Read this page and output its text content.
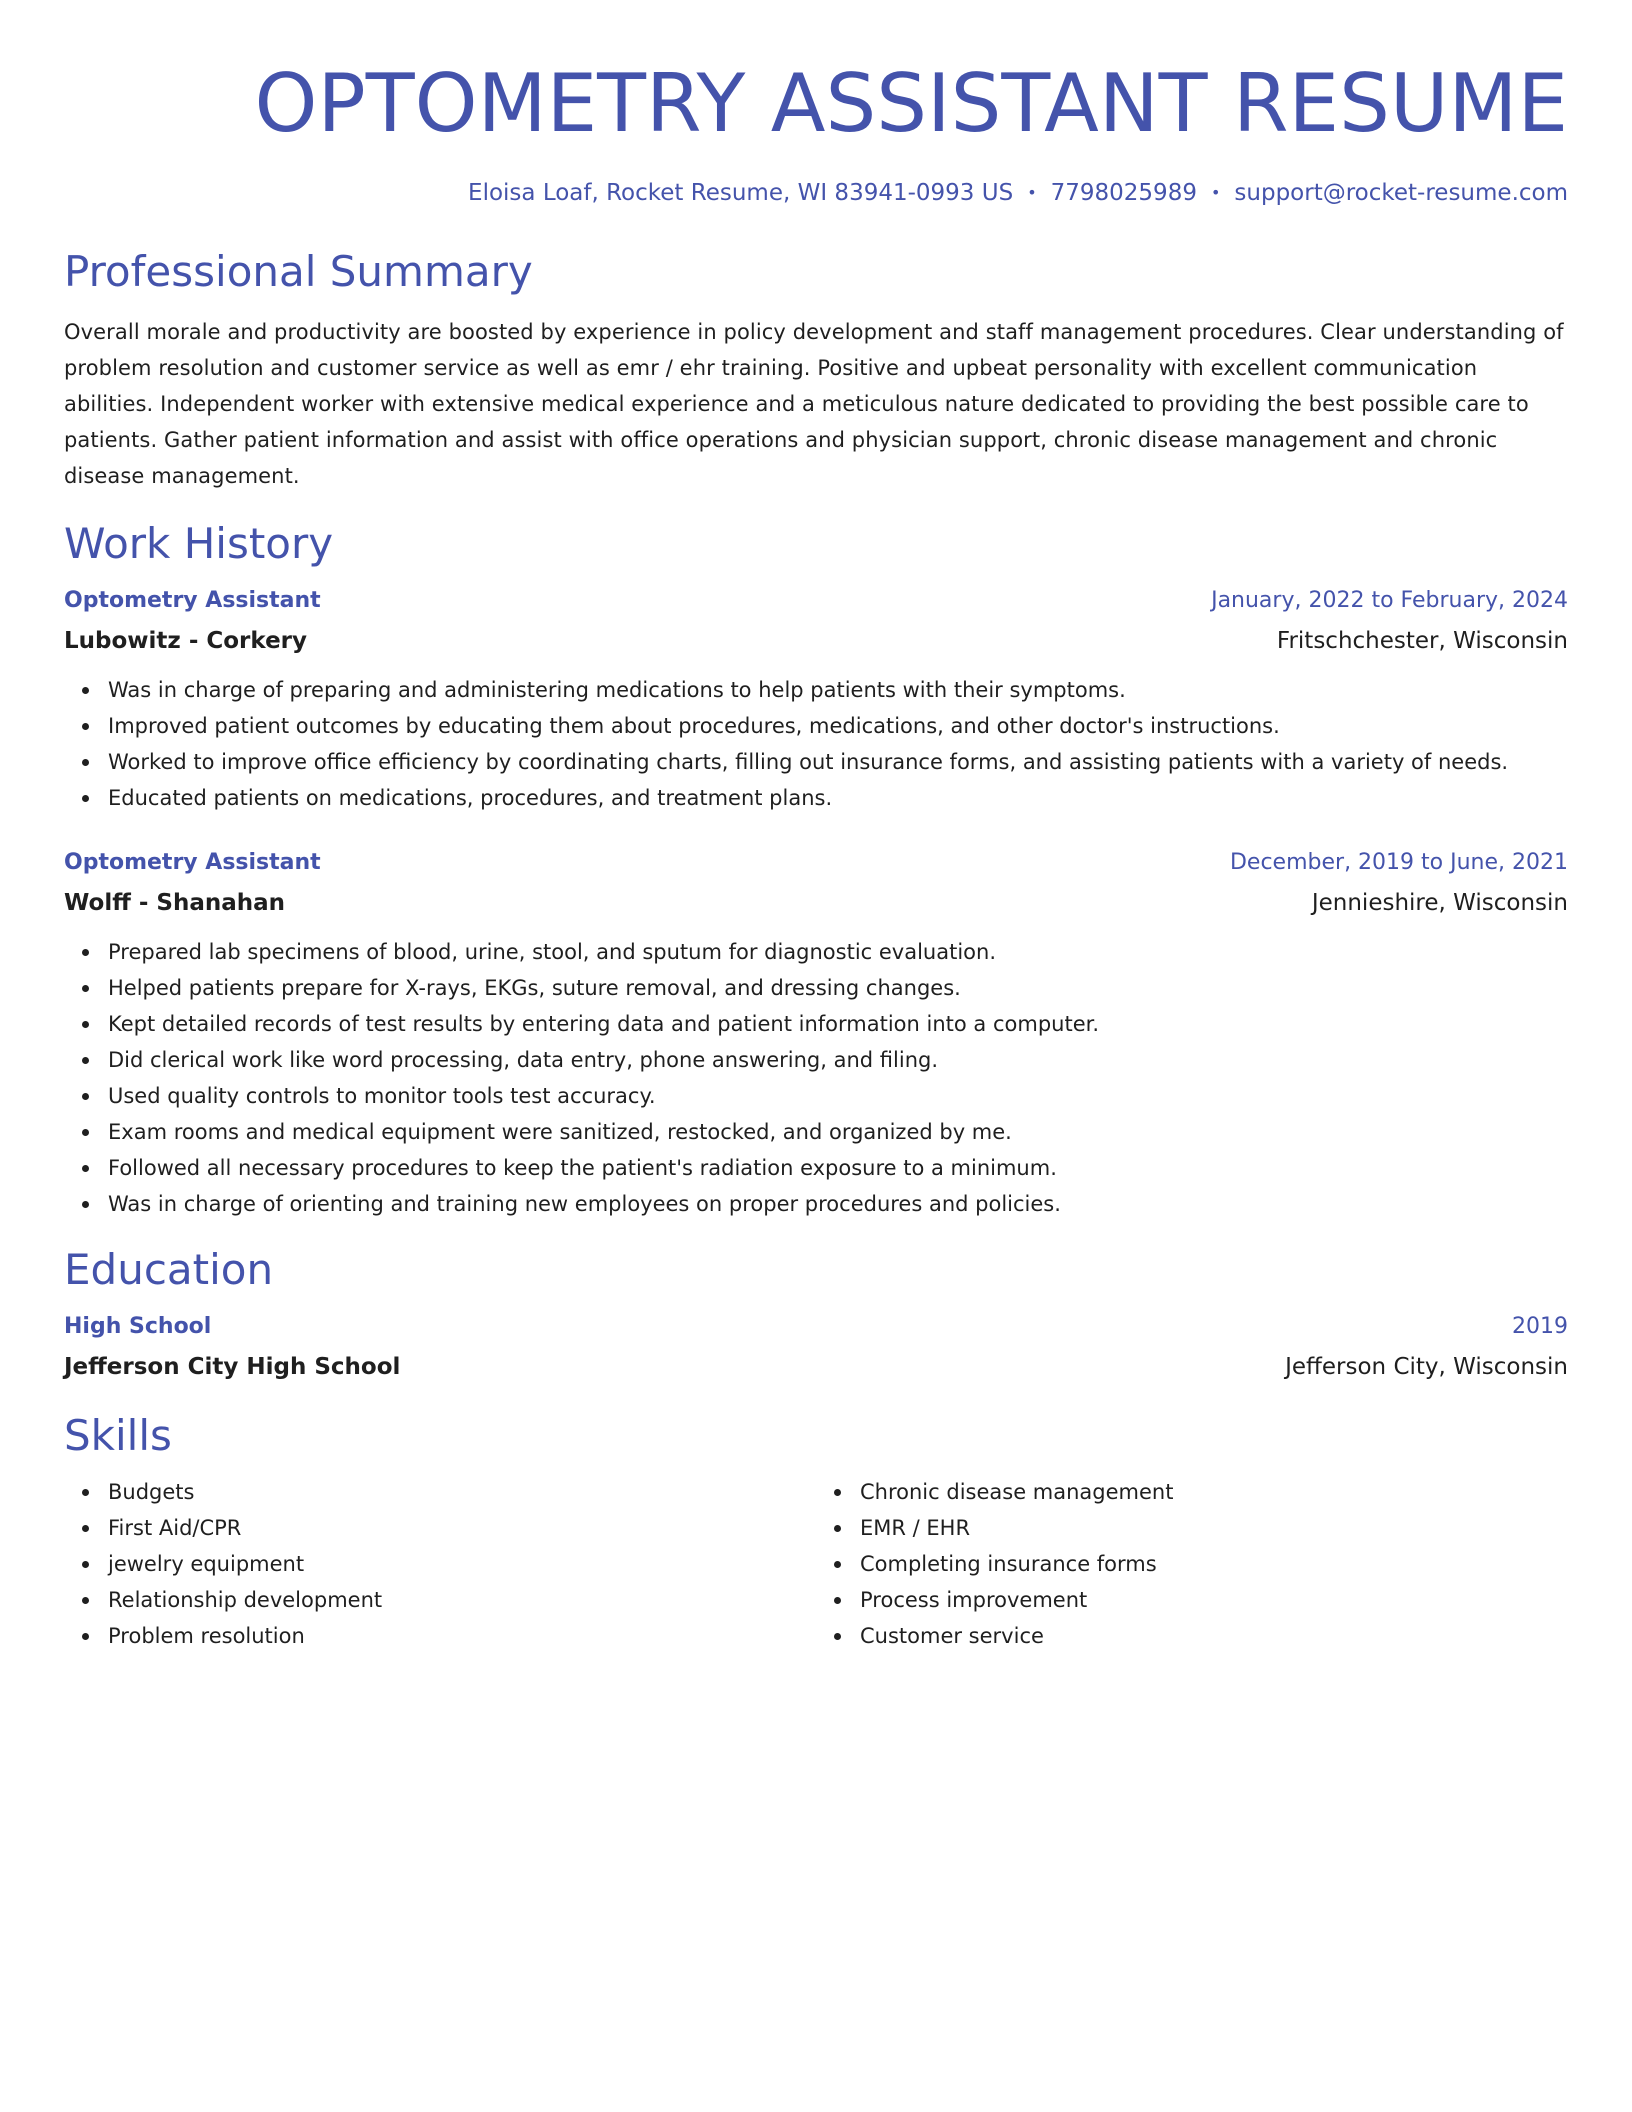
OPTOMETRY ASSISTANT RESUME
Eloisa Loaf, Rocket Resume, WI 83941-0993 US • 7798025989 • support@rocket-resume.com
Professional Summary

Overall morale and productivity are boosted by experience in policy development and staff management procedures. Clear understanding of problem resolution and customer service as well as emr / ehr training. Positive and upbeat personality with excellent communication abilities. Independent worker with extensive medical experience and a meticulous nature dedicated to providing the best possible care to patients. Gather patient information and assist with office operations and physician support, chronic disease management and chronic disease management.

Work History
Optometry Assistant	January, 2022 to February, 2024
Lubowitz - Corkery	Fritschchester, Wisconsin
Was in charge of preparing and administering medications to help patients with their symptoms.
Improved patient outcomes by educating them about procedures, medications, and other doctor's instructions.
Worked to improve office efficiency by coordinating charts, filling out insurance forms, and assisting patients with a variety of needs.
Educated patients on medications, procedures, and treatment plans.
Optometry Assistant	December, 2019 to June, 2021
Wolff - Shanahan	Jennieshire, Wisconsin
Prepared lab specimens of blood, urine, stool, and sputum for diagnostic evaluation.
Helped patients prepare for X-rays, EKGs, suture removal, and dressing changes.
Kept detailed records of test results by entering data and patient information into a computer.
Did clerical work like word processing, data entry, phone answering, and filing.
Used quality controls to monitor tools test accuracy.
Exam rooms and medical equipment were sanitized, restocked, and organized by me.
Followed all necessary procedures to keep the patient's radiation exposure to a minimum.
Was in charge of orienting and training new employees on proper procedures and policies.
Education
High School	2019
Jefferson City High School	Jefferson City, Wisconsin
Skills
Budgets
First Aid/CPR
jewelry equipment
Relationship development
Problem resolution
Chronic disease management
EMR / EHR
Completing insurance forms
Process improvement
Customer service
